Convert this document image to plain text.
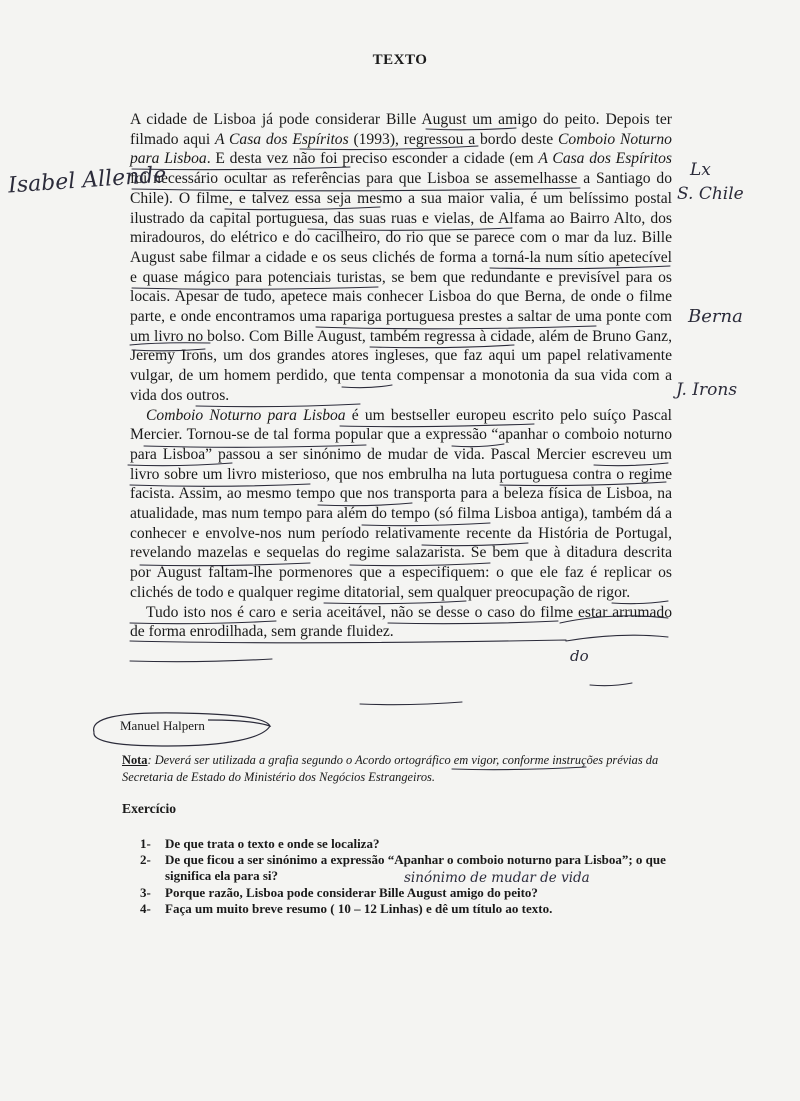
TEXTO

A cidade de Lisboa já pode considerar Bille August um amigo do peito. Depois ter filmado aqui A Casa dos Espíritos (1993), regressou a bordo deste Comboio Noturno para Lisboa. E desta vez não foi preciso esconder a cidade (em A Casa dos Espíritos foi necessário ocultar as referências para que Lisboa se assemelhasse a Santiago do Chile). O filme, e talvez essa seja mesmo a sua maior valia, é um belíssimo postal ilustrado da capital portuguesa, das suas ruas e vielas, de Alfama ao Bairro Alto, dos miradouros, do elétrico e do cacilheiro, do rio que se parece com o mar da luz. Bille August sabe filmar a cidade e os seus clichés de forma a torná-la num sítio apetecível e quase mágico para potenciais turistas, se bem que redundante e previsível para os locais. Apesar de tudo, apetece mais conhecer Lisboa do que Berna, de onde o filme parte, e onde encontramos uma rapariga portuguesa prestes a saltar de uma ponte com um livro no bolso. Com Bille August, também regressa à cidade, além de Bruno Ganz, Jeremy Irons, um dos grandes atores ingleses, que faz aqui um papel relativamente vulgar, de um homem perdido, que tenta compensar a monotonia da sua vida com a vida dos outros.

Comboio Noturno para Lisboa é um bestseller europeu escrito pelo suíço Pascal Mercier. Tornou-se de tal forma popular que a expressão “apanhar o comboio noturno para Lisboa” passou a ser sinónimo de mudar de vida. Pascal Mercier escreveu um livro sobre um livro misterioso, que nos embrulha na luta portuguesa contra o regime facista. Assim, ao mesmo tempo que nos transporta para a beleza física de Lisboa, na atualidade, mas num tempo para além do tempo (só filma Lisboa antiga), também dá a conhecer e envolve-nos num período relativamente recente da História de Portugal, revelando mazelas e sequelas do regime salazarista. Se bem que à ditadura descrita por August faltam-lhe pormenores que a especifiquem: o que ele faz é replicar os clichés de todo e qualquer regime ditatorial, sem qualquer preocupação de rigor.

Tudo isto nos é caro e seria aceitável, não se desse o caso do filme estar arrumado de forma enrodilhada, sem grande fluidez.

Manuel Halpern
Nota: Deverá ser utilizada a grafia segundo o Acordo ortográfico em vigor, conforme instruções prévias da Secretaria de Estado do Ministério dos Negócios Estrangeiros.
Exercício
1-	De que trata o texto e onde se localiza?
2-	De que ficou a ser sinónimo a expressão “Apanhar o comboio noturno para Lisboa”; o que significa ela para si?
3-	Porque razão, Lisboa pode considerar Bille August amigo do peito?
4-	Faça um muito breve resumo ( 10 – 12 Linhas) e dê um título ao texto.
Isabel Allende	Lx
S. Chile
Berna
J. Irons
do
sinónimo de mudar de vida
